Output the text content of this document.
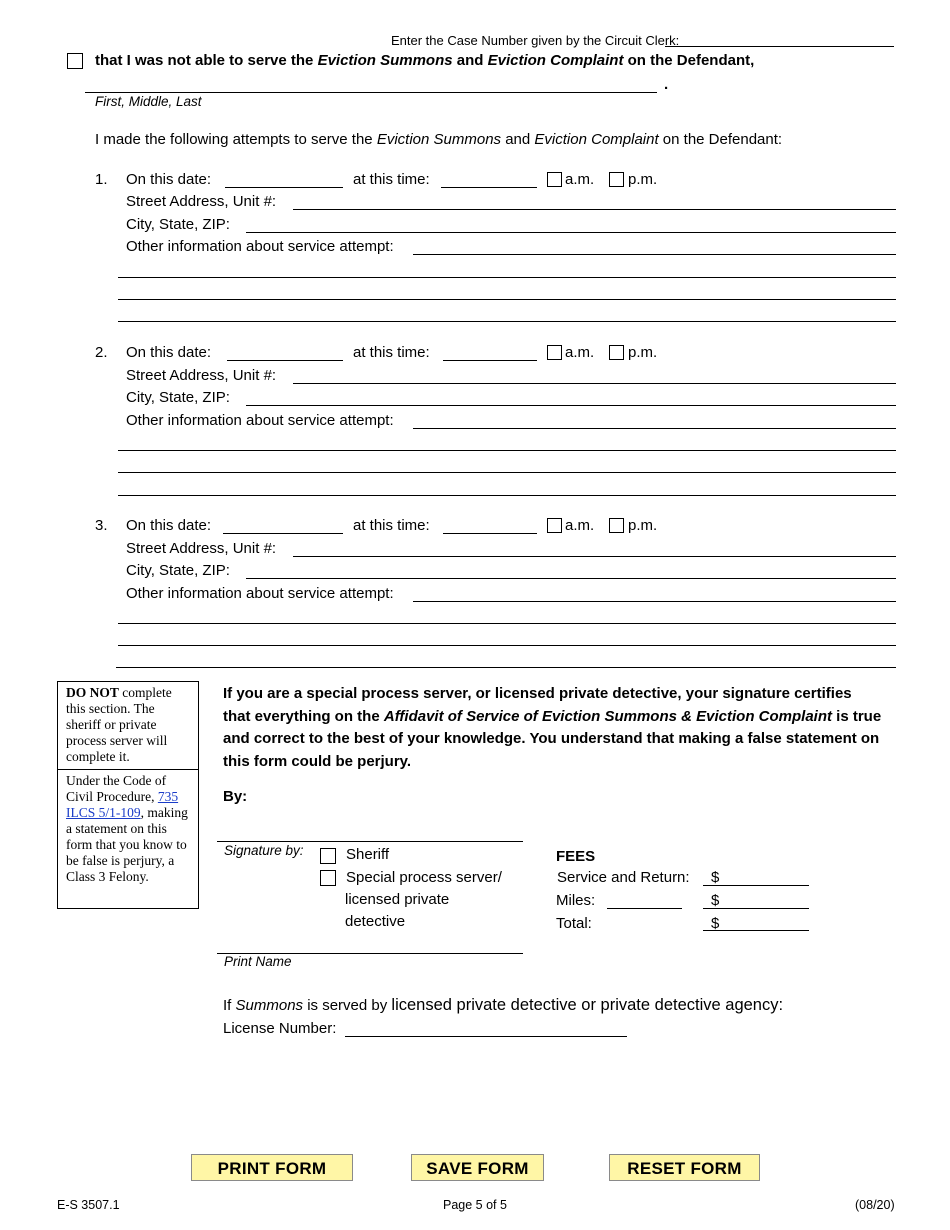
Enter the Case Number given by the Circuit Clerk:
that I was not able to serve the Eviction Summons and Eviction Complaint on the Defendant,
.
First, Middle, Last
I made the following attempts to serve the Eviction Summons and Eviction Complaint on the Defendant:
1. On this date:	at this time:	a.m. p.m.
Street Address, Unit #:
City, State, ZIP:
Other information about service attempt:
2. On this date:	at this time:	a.m. p.m.
Street Address, Unit #:
City, State, ZIP:
Other information about service attempt:
3. On this date:	at this time:	a.m. p.m.
Street Address, Unit #:
City, State, ZIP:
Other information about service attempt:
DO NOT complete this section. The sheriff or private process server will complete it.
Under the Code of Civil Procedure, 735 ILCS 5/1-109, making a statement on this form that you know to be false is perjury, a Class 3 Felony.
If you are a special process server, or licensed private detective, your signature certifies that everything on the Affidavit of Service of Eviction Summons & Eviction Complaint is true and correct to the best of your knowledge. You understand that making a false statement on this form could be perjury.
By:
Signature by:	Sheriff
Special process server/
licensed private
detective
Print Name
FEES
Service and Return: $
Miles:	$
Total:	$
If Summons is served by licensed private detective or private detective agency:
License Number:
PRINT FORM	SAVE FORM	RESET FORM
E-S 3507.1	Page 5 of 5	(08/20)
